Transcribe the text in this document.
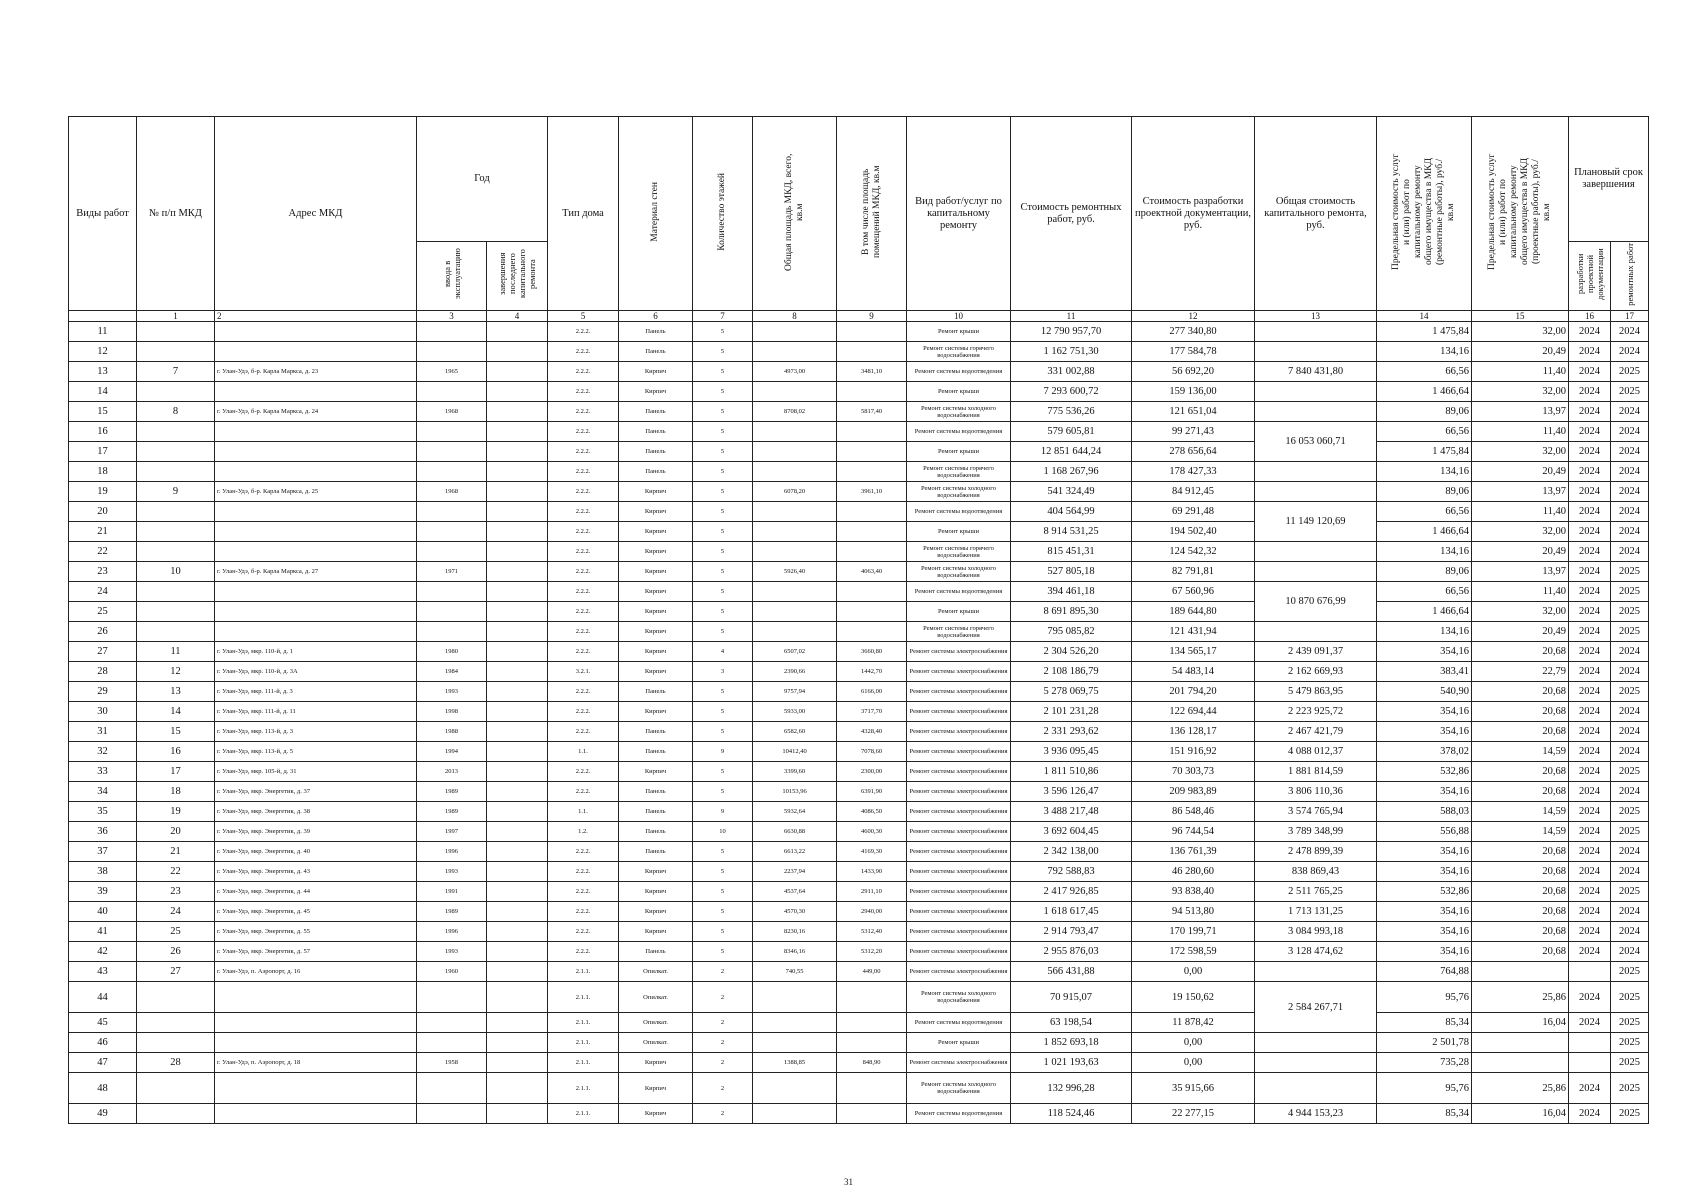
Виды работ	№ п/п МКД	Адрес МКД	Год		Тип дома	Материал стен	Количество этажей	Общая площадь МКД, всего, кв.м	В том числе площадь помещений МКД, кв.м	Вид работ/услуг по капитальному ремонту	Стоимость ремонтных работ, руб.	Стоимость разработки проектной документации, руб.	Общая стоимость капитального ремонта, руб.	Предельная стоимость услуг и (или) работ по капитальному ремонту общего имущества в МКД (ремонтные работы), руб./кв.м	Предельная стоимость услуг и (или) работ по капитальному ремонту общего имущества в МКД (проектные работы), руб./кв.м	Плановый срок завершения	
			ввода в эксплуатацию	завершения последнего капитального ремонта												разработки проектной документации	ремонтных работ
	1	2	3	4	5	6	7	8	9	10	11	12	13	14	15	16	17
11					2.2.2.	Панель	5			Ремонт крыши	12 790 957,70	277 340,80		1 475,84	32,00	2024	2024
12					2.2.2.	Панель	5			Ремонт системы горячего водоснабжения	1 162 751,30	177 584,78		134,16	20,49	2024	2024
13	7	г. Улан-Удэ, б-р. Карла Маркса, д. 23	1965		2.2.2.	Кирпич	5	4973,00	3481,10	Ремонт системы водоотведения	331 002,88	56 692,20	7 840 431,80	66,56	11,40	2024	2025
14					2.2.2.	Кирпич	5			Ремонт крыши	7 293 600,72	159 136,00		1 466,64	32,00	2024	2025
15	8	г. Улан-Удэ, б-р. Карла Маркса, д. 24	1968		2.2.2.	Панель	5	8708,02	5817,40	Ремонт системы холодного водоснабжения	775 536,26	121 651,04		89,06	13,97	2024	2024
16					2.2.2.	Панель	5			Ремонт системы водоотведения	579 605,81	99 271,43	16 053 060,71	66,56	11,40	2024	2024
17					2.2.2.	Панель	5			Ремонт крыши	12 851 644,24	278 656,64		1 475,84	32,00	2024	2024
18					2.2.2.	Панель	5			Ремонт системы горячего водоснабжения	1 168 267,96	178 427,33		134,16	20,49	2024	2024
19	9	г. Улан-Удэ, б-р. Карла Маркса, д. 25	1968		2.2.2.	Кирпич	5	6078,20	3961,10	Ремонт системы холодного водоснабжения	541 324,49	84 912,45		89,06	13,97	2024	2024
20					2.2.2.	Кирпич	5			Ремонт системы водоотведения	404 564,99	69 291,48	11 149 120,69	66,56	11,40	2024	2024
21					2.2.2.	Кирпич	5			Ремонт крыши	8 914 531,25	194 502,40		1 466,64	32,00	2024	2024
22					2.2.2.	Кирпич	5			Ремонт системы горячего водоснабжения	815 451,31	124 542,32		134,16	20,49	2024	2024
23	10	г. Улан-Удэ, б-р. Карла Маркса, д. 27	1971		2.2.2.	Кирпич	5	5926,40	4063,40	Ремонт системы холодного водоснабжения	527 805,18	82 791,81		89,06	13,97	2024	2025
24					2.2.2.	Кирпич	5			Ремонт системы водоотведения	394 461,18	67 560,96	10 870 676,99	66,56	11,40	2024	2025
25					2.2.2.	Кирпич	5			Ремонт крыши	8 691 895,30	189 644,80		1 466,64	32,00	2024	2025
26					2.2.2.	Кирпич	5			Ремонт системы горячего водоснабжения	795 085,82	121 431,94		134,16	20,49	2024	2025
27	11	г. Улан-Удэ, мкр. 110-й, д. 1	1980		2.2.2.	Кирпич	4	6507,02	3660,80	Ремонт системы электроснабжения	2 304 526,20	134 565,17	2 439 091,37	354,16	20,68	2024	2024
28	12	г. Улан-Удэ, мкр. 110-й, д. 3А	1984		3.2.1.	Кирпич	3	2390,66	1442,70	Ремонт системы электроснабжения	2 108 186,79	54 483,14	2 162 669,93	383,41	22,79	2024	2024
29	13	г. Улан-Удэ, мкр. 111-й, д. 3	1993		2.2.2.	Панель	5	9757,94	6166,00	Ремонт системы электроснабжения	5 278 069,75	201 794,20	5 479 863,95	540,90	20,68	2024	2025
30	14	г. Улан-Удэ, мкр. 111-й, д. 11	1998		2.2.2.	Кирпич	5	5933,00	3717,70	Ремонт системы электроснабжения	2 101 231,28	122 694,44	2 223 925,72	354,16	20,68	2024	2024
31	15	г. Улан-Удэ, мкр. 113-й, д. 3	1988		2.2.2.	Панель	5	6582,60	4328,40	Ремонт системы электроснабжения	2 331 293,62	136 128,17	2 467 421,79	354,16	20,68	2024	2024
32	16	г. Улан-Удэ, мкр. 113-й, д. 5	1994		1.1.	Панель	9	10412,40	7078,60	Ремонт системы электроснабжения	3 936 095,45	151 916,92	4 088 012,37	378,02	14,59	2024	2024
33	17	г. Улан-Удэ, мкр. 105-й, д. 31	2013		2.2.2.	Кирпич	5	3399,60	2300,00	Ремонт системы электроснабжения	1 811 510,86	70 303,73	1 881 814,59	532,86	20,68	2024	2025
34	18	г. Улан-Удэ, мкр. Энергетик, д. 37	1989		2.2.2.	Панель	5	10153,96	6391,90	Ремонт системы электроснабжения	3 596 126,47	209 983,89	3 806 110,36	354,16	20,68	2024	2024
35	19	г. Улан-Удэ, мкр. Энергетик, д. 38	1989		1.1.	Панель	9	5932,64	4086,50	Ремонт системы электроснабжения	3 488 217,48	86 548,46	3 574 765,94	588,03	14,59	2024	2025
36	20	г. Улан-Удэ, мкр. Энергетик, д. 39	1997		1.2.	Панель	10	6630,88	4600,30	Ремонт системы электроснабжения	3 692 604,45	96 744,54	3 789 348,99	556,88	14,59	2024	2025
37	21	г. Улан-Удэ, мкр. Энергетик, д. 40	1996		2.2.2.	Панель	5	6613,22	4169,30	Ремонт системы электроснабжения	2 342 138,00	136 761,39	2 478 899,39	354,16	20,68	2024	2024
38	22	г. Улан-Удэ, мкр. Энергетик, д. 43	1993		2.2.2.	Кирпич	5	2237,94	1433,90	Ремонт системы электроснабжения	792 588,83	46 280,60	838 869,43	354,16	20,68	2024	2024
39	23	г. Улан-Удэ, мкр. Энергетик, д. 44	1991		2.2.2.	Кирпич	5	4537,64	2911,10	Ремонт системы электроснабжения	2 417 926,85	93 838,40	2 511 765,25	532,86	20,68	2024	2025
40	24	г. Улан-Удэ, мкр. Энергетик, д. 45	1989		2.2.2.	Кирпич	5	4570,30	2940,00	Ремонт системы электроснабжения	1 618 617,45	94 513,80	1 713 131,25	354,16	20,68	2024	2024
41	25	г. Улан-Удэ, мкр. Энергетик, д. 55	1996		2.2.2.	Кирпич	5	8230,16	5312,40	Ремонт системы электроснабжения	2 914 793,47	170 199,71	3 084 993,18	354,16	20,68	2024	2024
42	26	г. Улан-Удэ, мкр. Энергетик, д. 57	1993		2.2.2.	Панель	5	8346,16	5312,20	Ремонт системы электроснабжения	2 955 876,03	172 598,59	3 128 474,62	354,16	20,68	2024	2024
43	27	г. Улан-Удэ, п. Аэропорт, д. 16	1960		2.1.1.	Опилкат.	2	740,55	449,00	Ремонт системы электроснабжения	566 431,88	0,00		764,88			2025
44					2.1.1.	Опилкат.	2			Ремонт системы холодного водоснабжения	70 915,07	19 150,62	2 584 267,71	95,76	25,86	2024	2025
45					2.1.1.	Опилкат.	2			Ремонт системы водоотведения	63 198,54	11 878,42		85,34	16,04	2024	2025
46					2.1.1.	Опилкат.	2			Ремонт крыши	1 852 693,18	0,00		2 501,78			2025
47	28	г. Улан-Удэ, п. Аэропорт, д. 18	1958		2.1.1.	Кирпич	2	1388,85	848,90	Ремонт системы электроснабжения	1 021 193,63	0,00		735,28			2025
48					2.1.1.	Кирпич	2			Ремонт системы холодного водоснабжения	132 996,28	35 915,66		95,76	25,86	2024	2025
49					2.1.1.	Кирпич	2			Ремонт системы водоотведения	118 524,46	22 277,15	4 944 153,23	85,34	16,04	2024	2025
31
